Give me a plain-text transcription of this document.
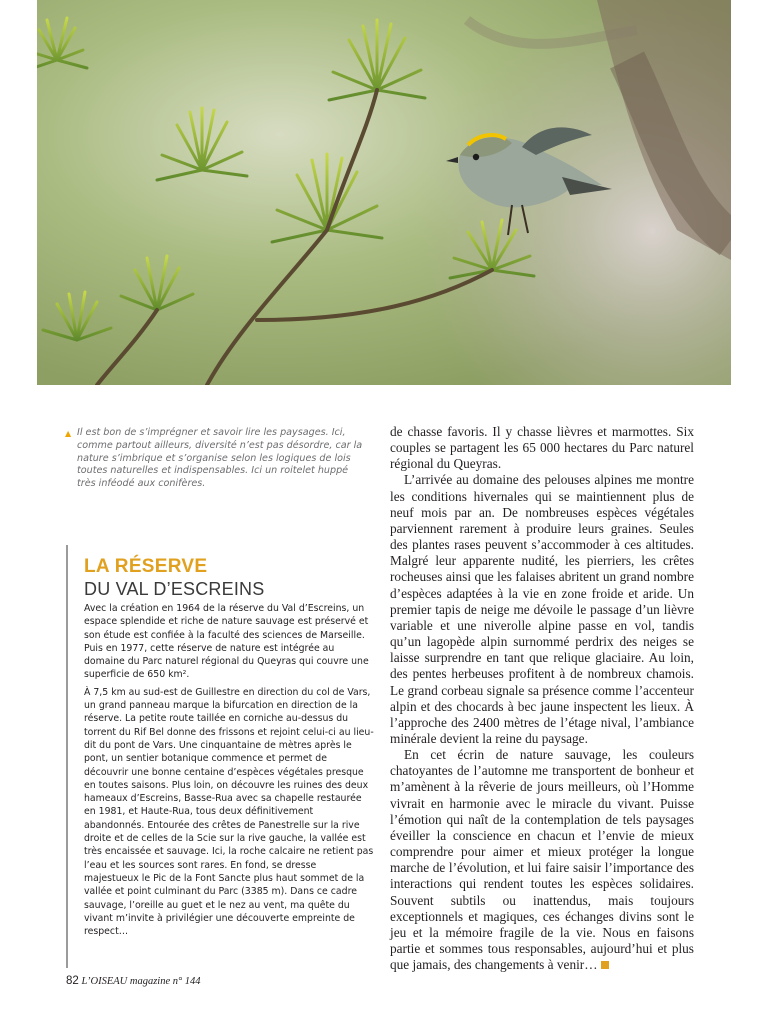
▲ Il est bon de s’imprégner et savoir lire les paysages. Ici, comme partout ailleurs, diversité n’est pas désordre, car la nature s’imbrique et s’organise selon les logiques de lois toutes naturelles et indispensables. Ici un roitelet huppé très inféodé aux conifères.
LA RÉSERVE
DU VAL D’ESCREINS

Avec la création en 1964 de la réserve du Val d’Escreins, un espace splendide et riche de nature sauvage est préservé et son étude est confiée à la faculté des sciences de Marseille. Puis en 1977, cette réserve de nature est intégrée au domaine du Parc naturel régional du Queyras qui couvre une superficie de 650 km².

À 7,5 km au sud-est de Guillestre en direction du col de Vars, un grand panneau marque la bifurcation en direction de la réserve. La petite route taillée en corniche au-dessus du torrent du Rif Bel donne des frissons et rejoint celui-ci au lieu-dit du pont de Vars. Une cinquantaine de mètres après le pont, un sentier botanique commence et permet de découvrir une bonne centaine d’espèces végétales presque en toutes saisons. Plus loin, on découvre les ruines des deux hameaux d’Escreins, Basse-Rua avec sa chapelle restaurée en 1981, et Haute-Rua, tous deux définitivement abandonnés. Entourée des crêtes de Panestrelle sur la rive droite et de celles de la Scie sur la rive gauche, la vallée est très encaissée et sauvage. Ici, la roche calcaire ne retient pas l’eau et les sources sont rares. En fond, se dresse majestueux le Pic de la Font Sancte plus haut sommet de la vallée et point culminant du Parc (3385 m). Dans ce cadre sauvage, l’oreille au guet et le nez au vent, ma quête du vivant m’invite à privilégier une découverte empreinte de respect…

de chasse favoris. Il y chasse lièvres et marmottes. Six couples se partagent les 65 000 hectares du Parc naturel régional du Queyras.

L’arrivée au domaine des pelouses alpines me montre les conditions hivernales qui se maintiennent plus de neuf mois par an. De nombreuses espèces végétales parviennent rarement à produire leurs graines. Seules des plantes rases peuvent s’accommoder à ces altitudes. Malgré leur apparente nudité, les pierriers, les crêtes rocheuses ainsi que les falaises abritent un grand nombre d’espèces adaptées à la vie en zone froide et aride. Un premier tapis de neige me dévoile le passage d’un lièvre variable et une niverolle alpine passe en vol, tandis qu’un lagopède alpin surnommé perdrix des neiges se laisse surprendre en tant que relique glaciaire. Au loin, des pentes herbeuses profitent à de nombreux chamois. Le grand corbeau signale sa présence comme l’accenteur alpin et des chocards à bec jaune inspectent les lieux. À l’approche des 2400 mètres de l’étage nival, l’ambiance minérale devient la reine du paysage.

En cet écrin de nature sauvage, les couleurs chatoyantes de l’automne me transportent de bonheur et m’amènent à la rêverie de jours meilleurs, où l’Homme vivrait en harmonie avec le miracle du vivant. Puisse l’émotion qui naît de la contemplation de tels paysages éveiller la conscience en chacun et l’envie de mieux comprendre pour aimer et mieux protéger la longue marche de l’évolution, et lui faire saisir l’importance des interactions qui rendent toutes les espèces solidaires. Souvent subtils ou inattendus, mais toujours exceptionnels et magiques, ces échanges divins sont le jeu et la mémoire fragile de la vie. Nous en faisons partie et sommes tous responsables, aujourd’hui et plus que jamais, des changements à venir…

82 L’OISEAU magazine n° 144
